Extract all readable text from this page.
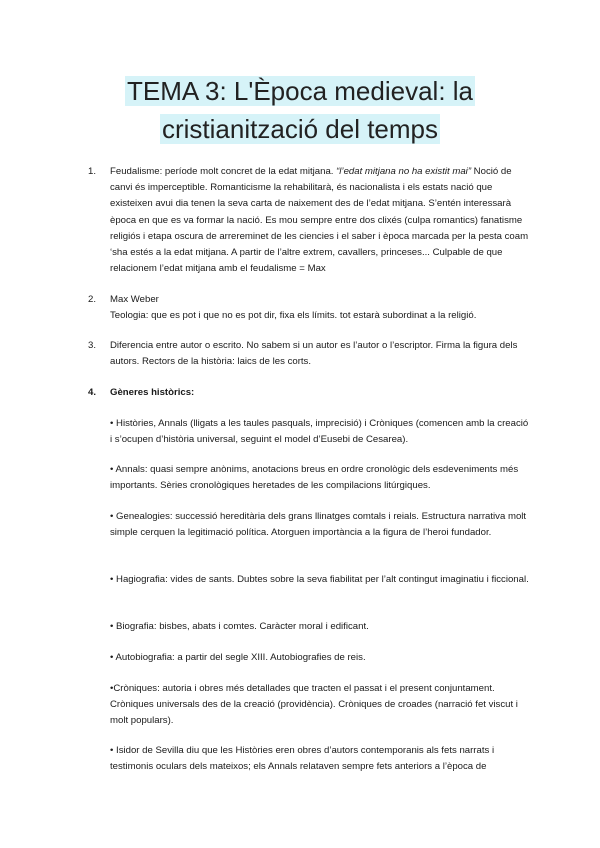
TEMA 3: L'Època medieval: la
cristianització del temps
1. Feudalisme: període molt concret de la edat mitjana. “l’edat mitjana no ha existit mai” Noció de canvi és imperceptible. Romanticisme la rehabilitarà, és nacionalista i els estats nació que existeixen avui dia tenen la seva carta de naixement des de l’edat mitjana. S’entén interessarà època en que es va formar la nació. Es mou sempre entre dos clixés (culpa romantics) fanatisme religiós i etapa oscura de arrereminet de les ciencies i el saber i època marcada per la pesta coam ‘sha estés a la edat mitjana. A partir de l’altre extrem, cavallers, princeses... Culpable de que relacionem l’edat mitjana amb el feudalisme = Max
2. Max Weber
Teologia: que es pot i que no es pot dir, fixa els límits. tot estarà subordinat a la religió.
3. Diferencia entre autor o escrito. No sabem si un autor es l’autor o l’escriptor. Firma la figura dels autors. Rectors de la història: laics de les corts.
4. Gèneres històrics:
• Històries, Annals (lligats a les taules pasquals, imprecisió) i Cròniques (comencen amb la creació i s’ocupen d’història universal, seguint el model d’Eusebi de Cesarea).
• Annals: quasi sempre anònims, anotacions breus en ordre cronològic dels esdeveniments més importants. Sèries cronològiques heretades de les compilacions litúrgiques.
• Genealogies: successió hereditària dels grans llinatges comtals i reials. Estructura narrativa molt simple cerquen la legitimació política. Atorguen importància a la figura de l’heroi fundador.
• Hagiografia: vides de sants. Dubtes sobre la seva fiabilitat per l’alt contingut imaginatiu i ficcional.
• Biografia: bisbes, abats i comtes. Caràcter moral i edificant.
• Autobiografia: a partir del segle XIII. Autobiografies de reis.
•Cròniques: autoria i obres més detallades que tracten el passat i el present conjuntament. Cròniques universals des de la creació (providència). Cròniques de croades (narració fet viscut i molt populars).
• Isidor de Sevilla diu que les Històries eren obres d’autors contemporanis als fets narrats i testimonis oculars dels mateixos; els Annals relataven sempre fets anteriors a l’època de
